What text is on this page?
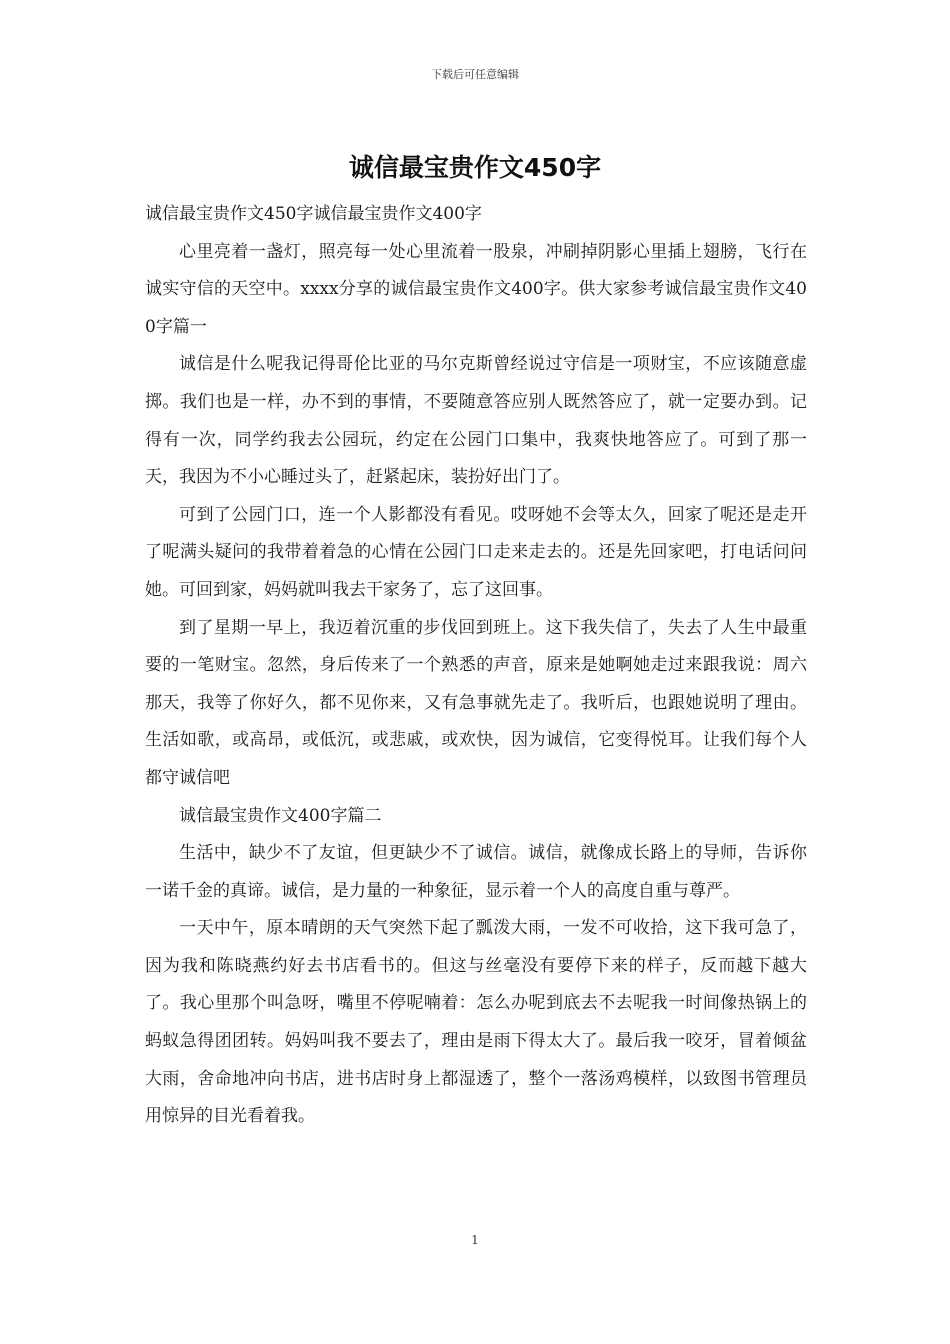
下载后可任意编辑
诚信最宝贵作文450字

诚信最宝贵作文450字诚信最宝贵作文400字

心里亮着一盏灯，照亮每一处心里流着一股泉，冲刷掉阴影心里插上翅膀，飞行在诚实守信的天空中。xxxx分享的诚信最宝贵作文400字。供大家参考诚信最宝贵作文400字篇一

诚信是什么呢我记得哥伦比亚的马尔克斯曾经说过守信是一项财宝，不应该随意虚掷。我们也是一样，办不到的事情，不要随意答应别人既然答应了，就一定要办到。记得有一次，同学约我去公园玩，约定在公园门口集中，我爽快地答应了。可到了那一天，我因为不小心睡过头了，赶紧起床，装扮好出门了。

可到了公园门口，连一个人影都没有看见。哎呀她不会等太久，回家了呢还是走开了呢满头疑问的我带着着急的心情在公园门口走来走去的。还是先回家吧，打电话问问她。可回到家，妈妈就叫我去干家务了，忘了这回事。

到了星期一早上，我迈着沉重的步伐回到班上。这下我失信了，失去了人生中最重要的一笔财宝。忽然，身后传来了一个熟悉的声音，原来是她啊她走过来跟我说：周六那天，我等了你好久，都不见你来，又有急事就先走了。我听后，也跟她说明了理由。生活如歌，或高昂，或低沉，或悲戚，或欢快，因为诚信，它变得悦耳。让我们每个人都守诚信吧

诚信最宝贵作文400字篇二

生活中，缺少不了友谊，但更缺少不了诚信。诚信，就像成长路上的导师，告诉你一诺千金的真谛。诚信，是力量的一种象征，显示着一个人的高度自重与尊严。

一天中午，原本晴朗的天气突然下起了瓢泼大雨，一发不可收拾，这下我可急了，因为我和陈晓燕约好去书店看书的。但这与丝毫没有要停下来的样子，反而越下越大了。我心里那个叫急呀，嘴里不停呢喃着：怎么办呢到底去不去呢我一时间像热锅上的蚂蚁急得团团转。妈妈叫我不要去了，理由是雨下得太大了。最后我一咬牙，冒着倾盆大雨，舍命地冲向书店，进书店时身上都湿透了，整个一落汤鸡模样，以致图书管理员用惊异的目光看着我。

1
